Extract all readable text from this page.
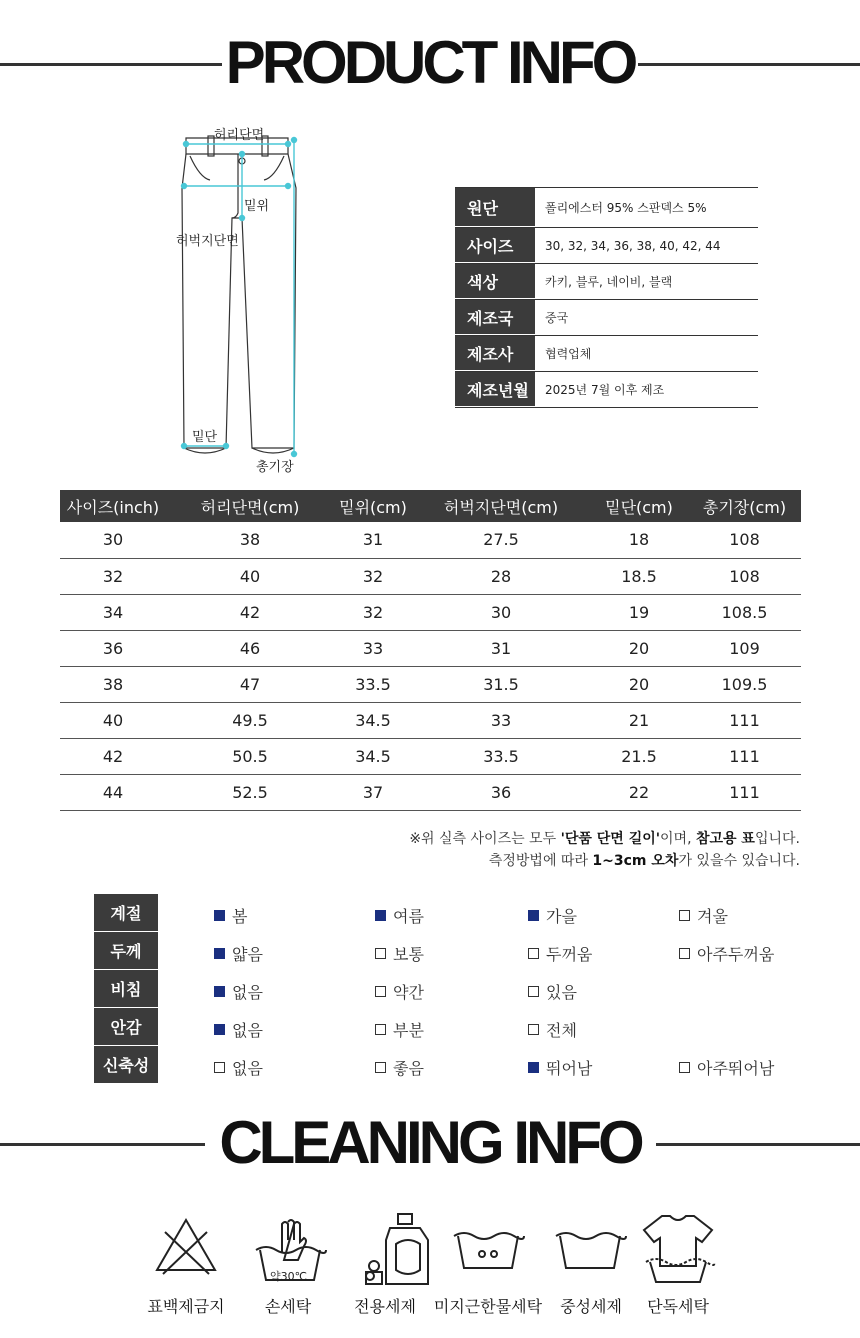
PRODUCT INFO
허리단면
밑위
허벅지단면
밑단
총기장
원단	폴리에스터 95% 스판덱스 5%
사이즈	30, 32, 34, 36, 38, 40, 42, 44
색상	카키, 블루, 네이비, 블랙
제조국	중국
제조사	협력업체
제조년월	2025년 7월 이후 제조
사이즈(inch)	허리단면(cm)	밑위(cm)	허벅지단면(cm)	밑단(cm)	총기장(cm)
30	38	31	27.5	18	108
32	40	32	28	18.5	108
34	42	32	30	19	108.5
36	46	33	31	20	109
38	47	33.5	31.5	20	109.5
40	49.5	34.5	33	21	111
42	50.5	34.5	33.5	21.5	111
44	52.5	37	36	22	111
※위 실측 사이즈는 모두 '단품 단면 길이'이며, 참고용 표입니다.
측정방법에 따라 1~3cm 오차가 있을수 있습니다.
계절	봄	여름	가을	겨울
두께	얇음	보통	두꺼움	아주두꺼움
비침	없음	약간	있음
안감	없음	부분	전체
신축성	없음	좋음	뛰어남	아주뛰어남
CLEANING INFO
약30℃
표백제금지	손세탁	전용세제	미지근한물세탁	중성세제	단독세탁
